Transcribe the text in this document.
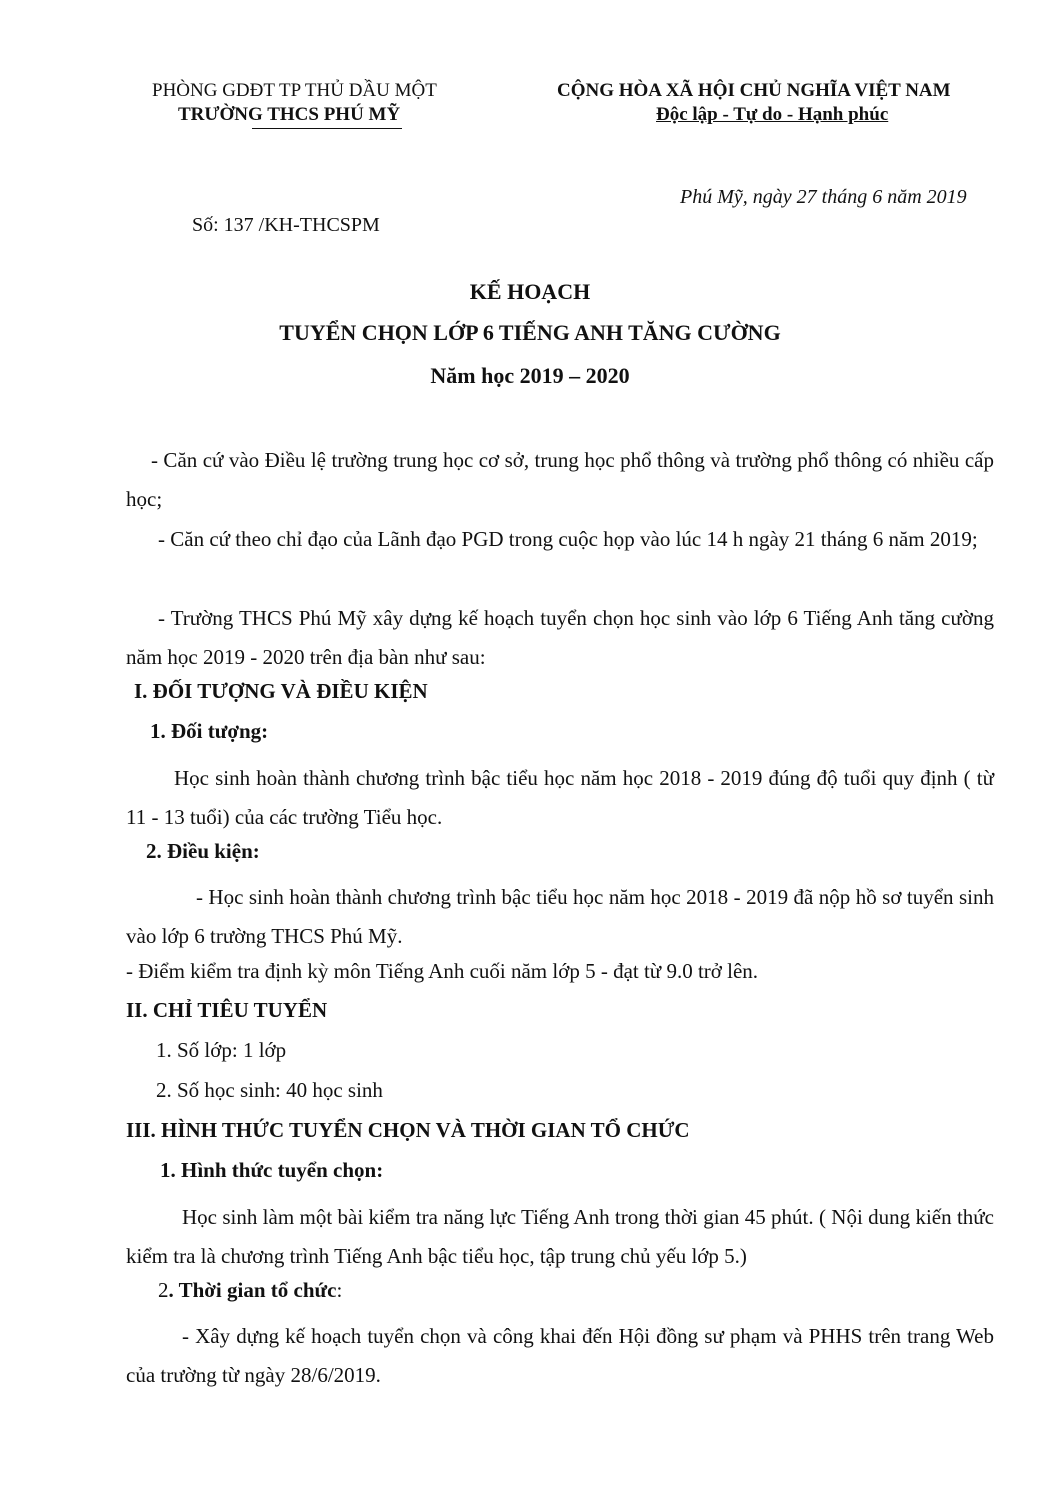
PHÒNG GDĐT TP THỦ DẦU MỘT
TRƯỜNG THCS PHÚ MỸ
CỘNG HÒA XÃ HỘI CHỦ NGHĨA VIỆT NAM
Độc lập - Tự do - Hạnh phúc
Phú Mỹ, ngày 27 tháng 6 năm 2019
Số: 137 /KH-THCSPM
KẾ HOẠCH
TUYỂN CHỌN LỚP 6 TIẾNG ANH TĂNG CƯỜNG
Năm học 2019 – 2020
- Căn cứ vào Điều lệ trường trung học cơ sở, trung học phổ thông và trường phổ thông có nhiều cấp học;
- Căn cứ theo chỉ đạo của Lãnh đạo PGD trong cuộc họp vào lúc 14 h ngày 21 tháng 6 năm 2019;
- Trường THCS Phú Mỹ xây dựng kế hoạch tuyển chọn học sinh vào lớp 6 Tiếng Anh tăng cường năm học 2019 - 2020 trên địa bàn như sau:
I. ĐỐI TƯỢNG VÀ ĐIỀU KIỆN
1. Đối tượng:
Học sinh hoàn thành chương trình bậc tiểu học năm học 2018 - 2019 đúng độ tuổi quy định ( từ 11 - 13 tuổi) của các trường Tiểu học.
2. Điều kiện:
- Học sinh hoàn thành chương trình bậc tiểu học năm học 2018 - 2019 đã nộp hồ sơ tuyển sinh vào lớp 6 trường THCS Phú Mỹ.
- Điểm kiểm tra định kỳ môn Tiếng Anh cuối năm lớp 5 - đạt từ 9.0 trở lên.
II. CHỈ TIÊU TUYỂN
1. Số lớp: 1 lớp
2. Số học sinh: 40 học sinh
III. HÌNH THỨC TUYỂN CHỌN VÀ THỜI GIAN TỔ CHỨC
1. Hình thức tuyển chọn:
Học sinh làm một bài kiểm tra năng lực Tiếng Anh trong thời gian 45 phút. ( Nội dung kiến thức kiểm tra là chương trình Tiếng Anh bậc tiểu học, tập trung chủ yếu lớp 5.)
2. Thời gian tổ chức:
- Xây dựng kế hoạch tuyển chọn và công khai đến Hội đồng sư phạm và PHHS trên trang Web của trường từ ngày 28/6/2019.
